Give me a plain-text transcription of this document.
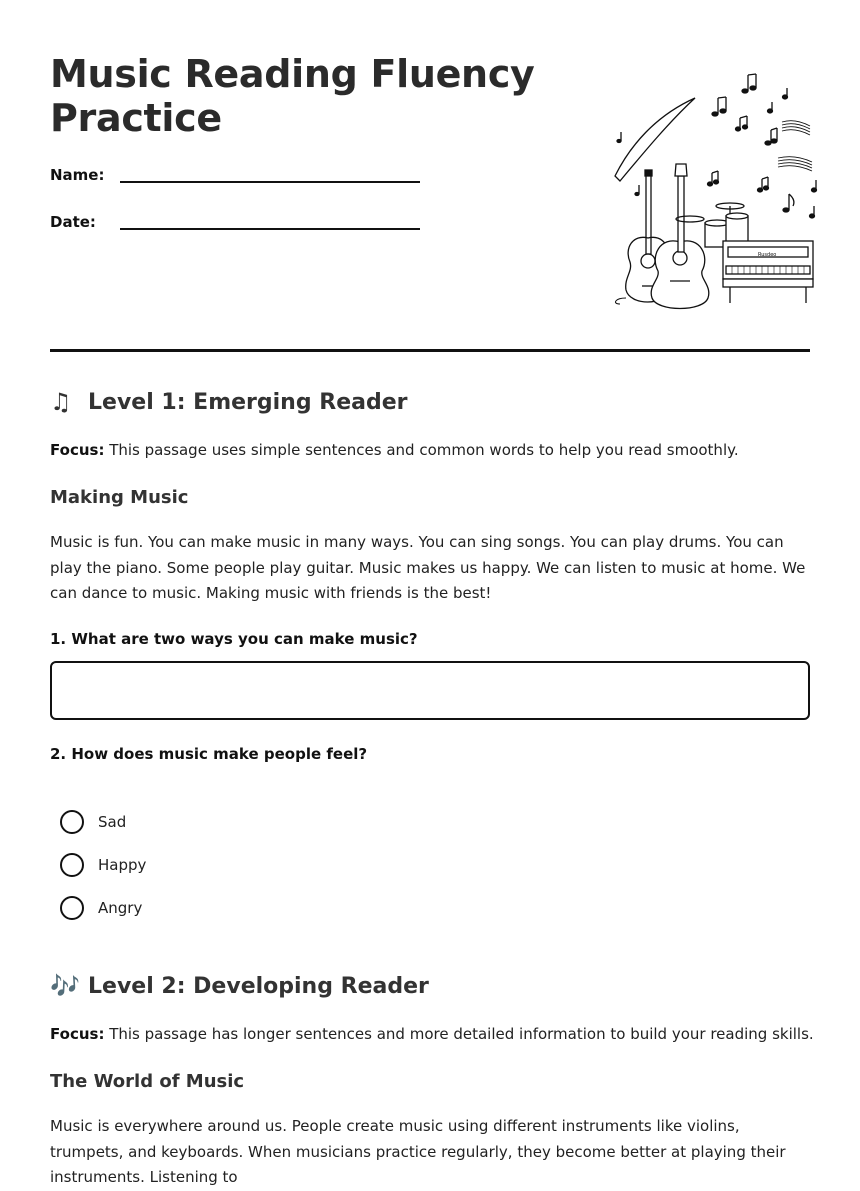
Music Reading Fluency
Practice
Name:
Date:
Rusdeo
♫ Level 1: Emerging Reader
Focus: This passage uses simple sentences and common words to help you read smoothly.
Making Music
Music is fun. You can make music in many ways. You can sing songs. You can play drums. You can play the piano. Some people play guitar. Music makes us happy. We can listen to music at home. We can dance to music. Making music with friends is the best!
1. What are two ways you can make music?
2. How does music make people feel?
Sad
Happy
Angry
🎶 Level 2: Developing Reader
Focus: This passage has longer sentences and more detailed information to build your reading skills.
The World of Music
Music is everywhere around us. People create music using different instruments like violins, trumpets, and keyboards. When musicians practice regularly, they become better at playing their instruments. Listening to
